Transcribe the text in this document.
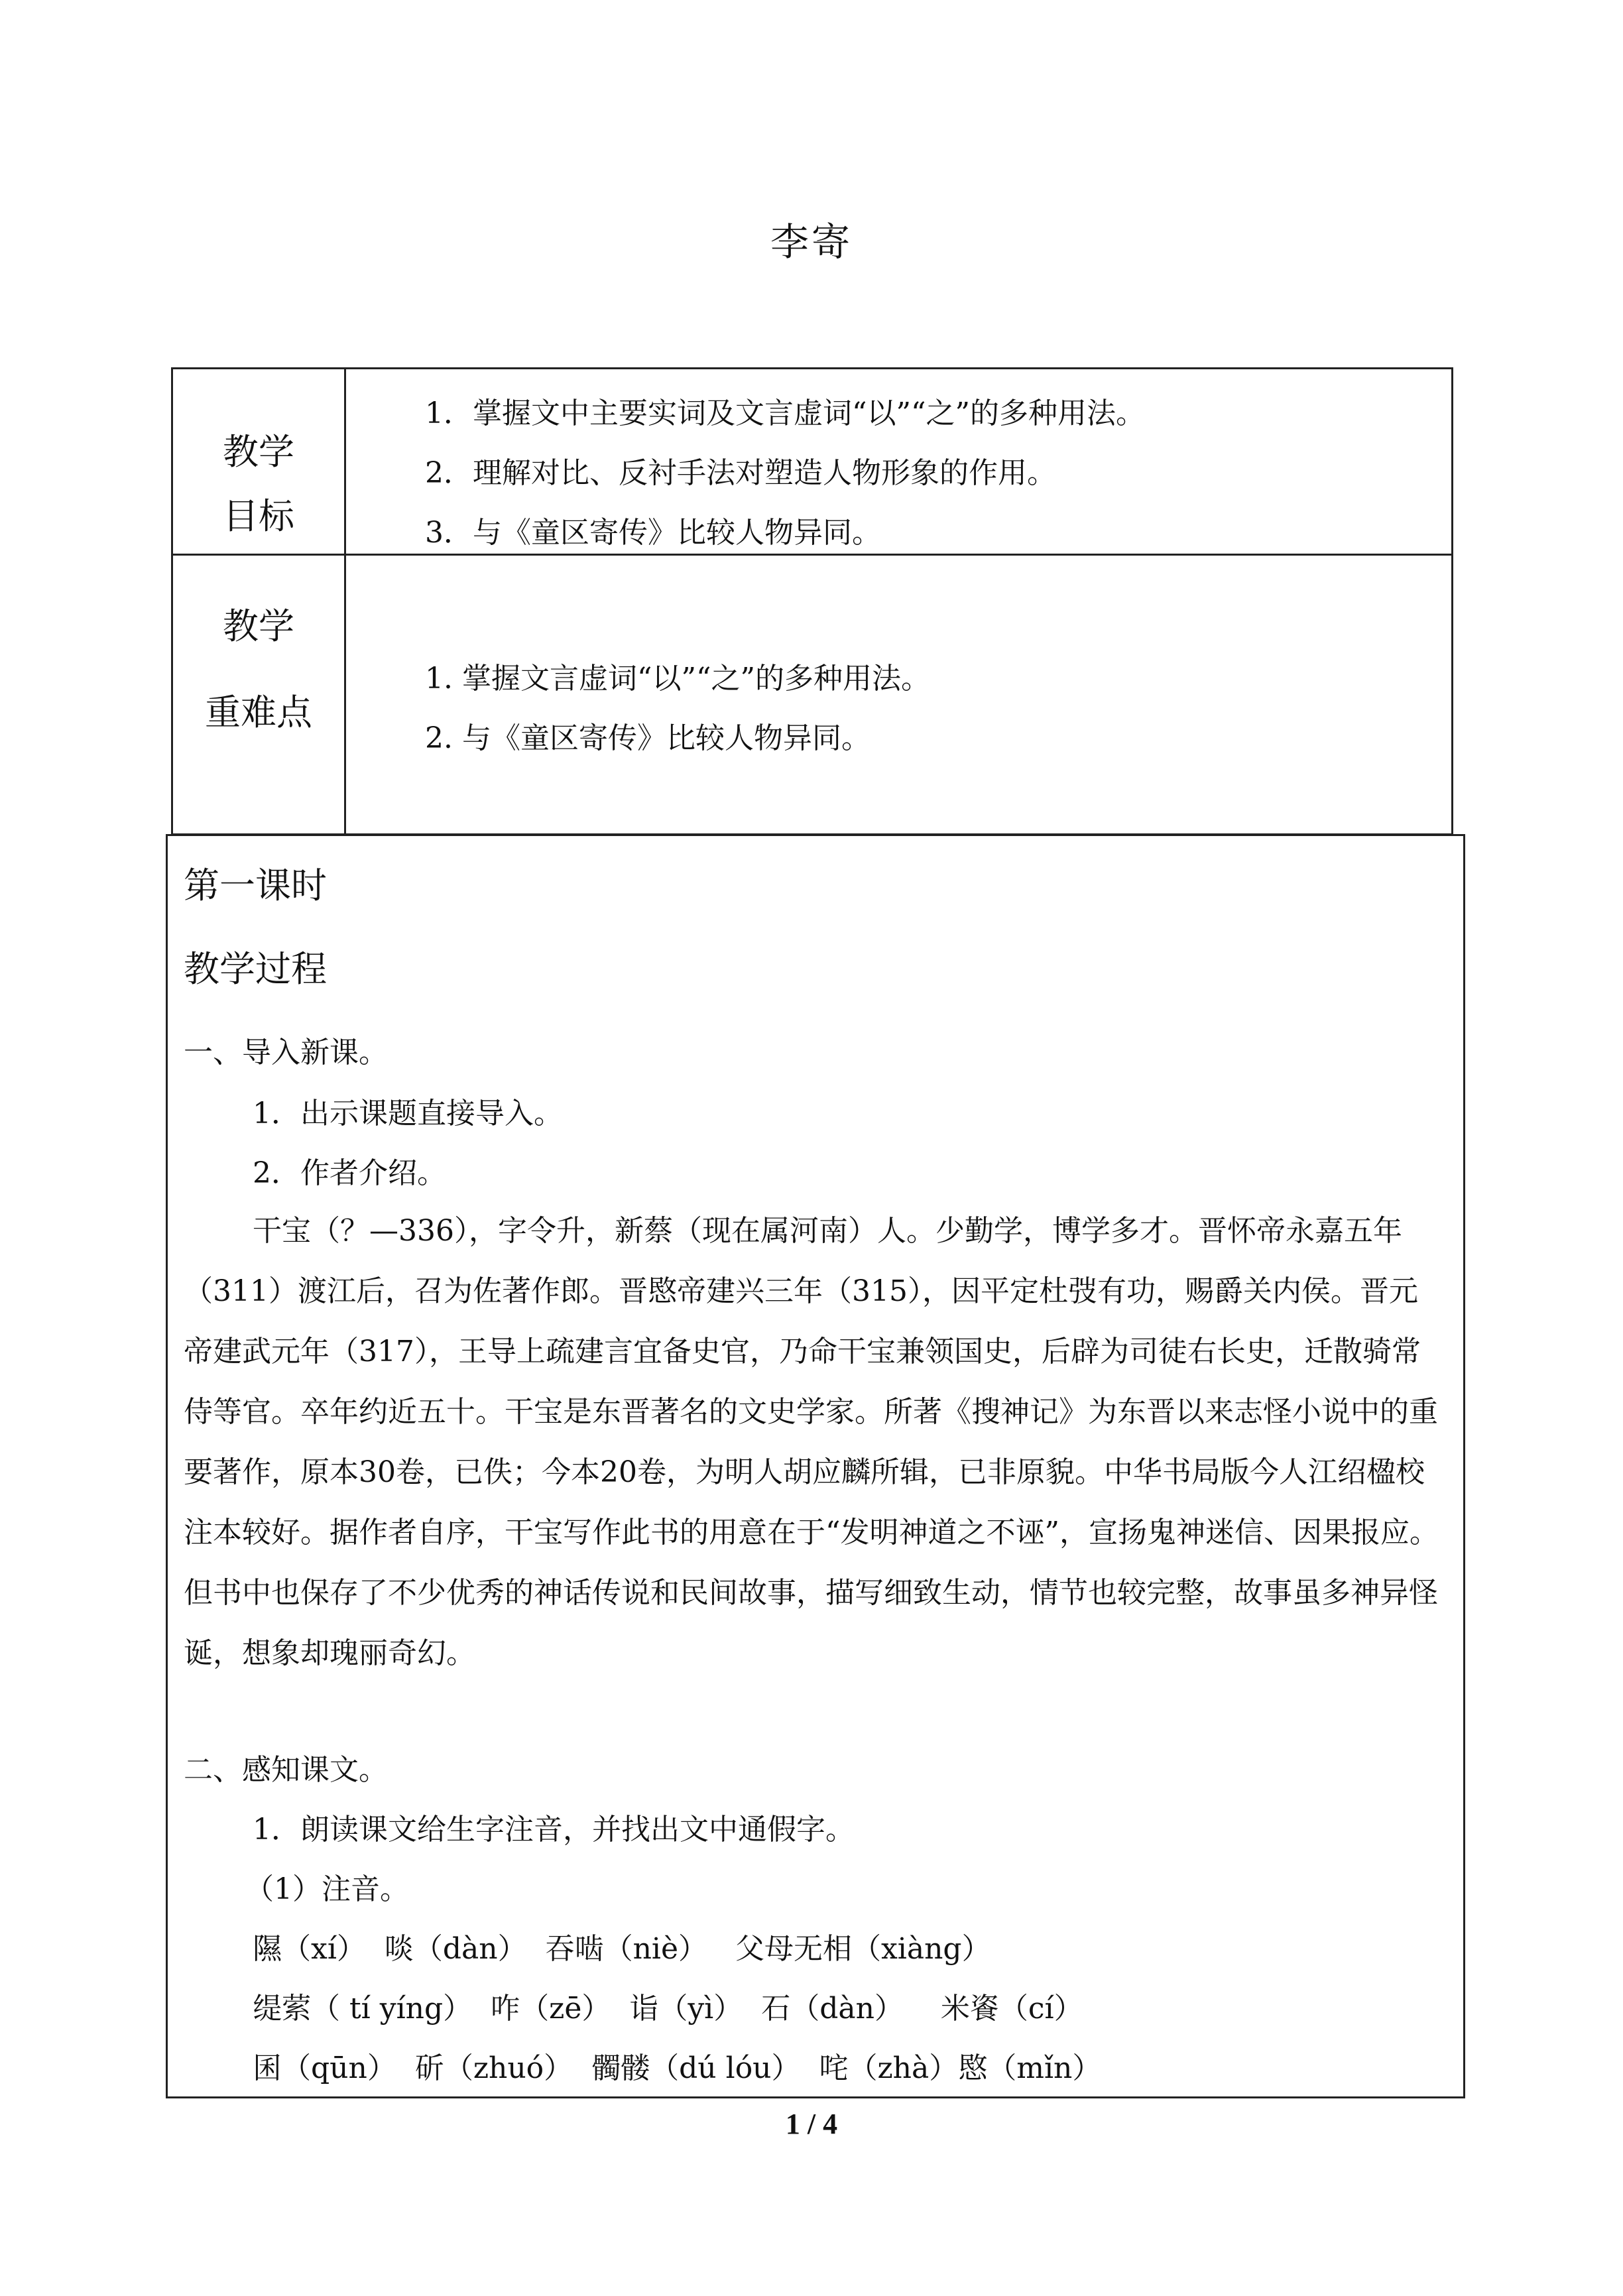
李寄
教学
目标
1．掌握文中主要实词及文言虚词“以”“之”的多种用法。
2．理解对比、反衬手法对塑造人物形象的作用。
3．与《童区寄传》比较人物异同。
教学
重难点
1. 掌握文言虚词“以”“之”的多种用法。
2. 与《童区寄传》比较人物异同。
第一课时
教学过程
一、导入新课。
1．出示课题直接导入。
2．作者介绍。
干宝（？—336），字令升，新蔡（现在属河南）人。少勤学，博学多才。晋怀帝永嘉五年（311）渡江后，召为佐著作郎。晋愍帝建兴三年（315），因平定杜弢有功，赐爵关内侯。晋元帝建武元年（317），王导上疏建言宜备史官，乃命干宝兼领国史，后辟为司徒右长史，迁散骑常侍等官。卒年约近五十。干宝是东晋著名的文史学家。所著《搜神记》为东晋以来志怪小说中的重要著作，原本30卷，已佚；今本20卷，为明人胡应麟所辑，已非原貌。中华书局版今人江绍楹校注本较好。据作者自序，干宝写作此书的用意在于“发明神道之不诬”，宣扬鬼神迷信、因果报应。但书中也保存了不少优秀的神话传说和民间故事，描写细致生动，情节也较完整，故事虽多神异怪诞，想象却瑰丽奇幻。
二、感知课文。
1．朗读课文给生字注音，并找出文中通假字。
（1）注音。
隰（xí）  啖（dàn）  吞啮（niè）   父母无相（xiàng）
缇萦（ tí yíng）  咋（zē）  诣（yì）  石（dàn）    米餈（cí）
囷（qūn）  斫（zhuó）  髑髅（dú lóu）  咤（zhà）愍（mǐn）
1 / 4
